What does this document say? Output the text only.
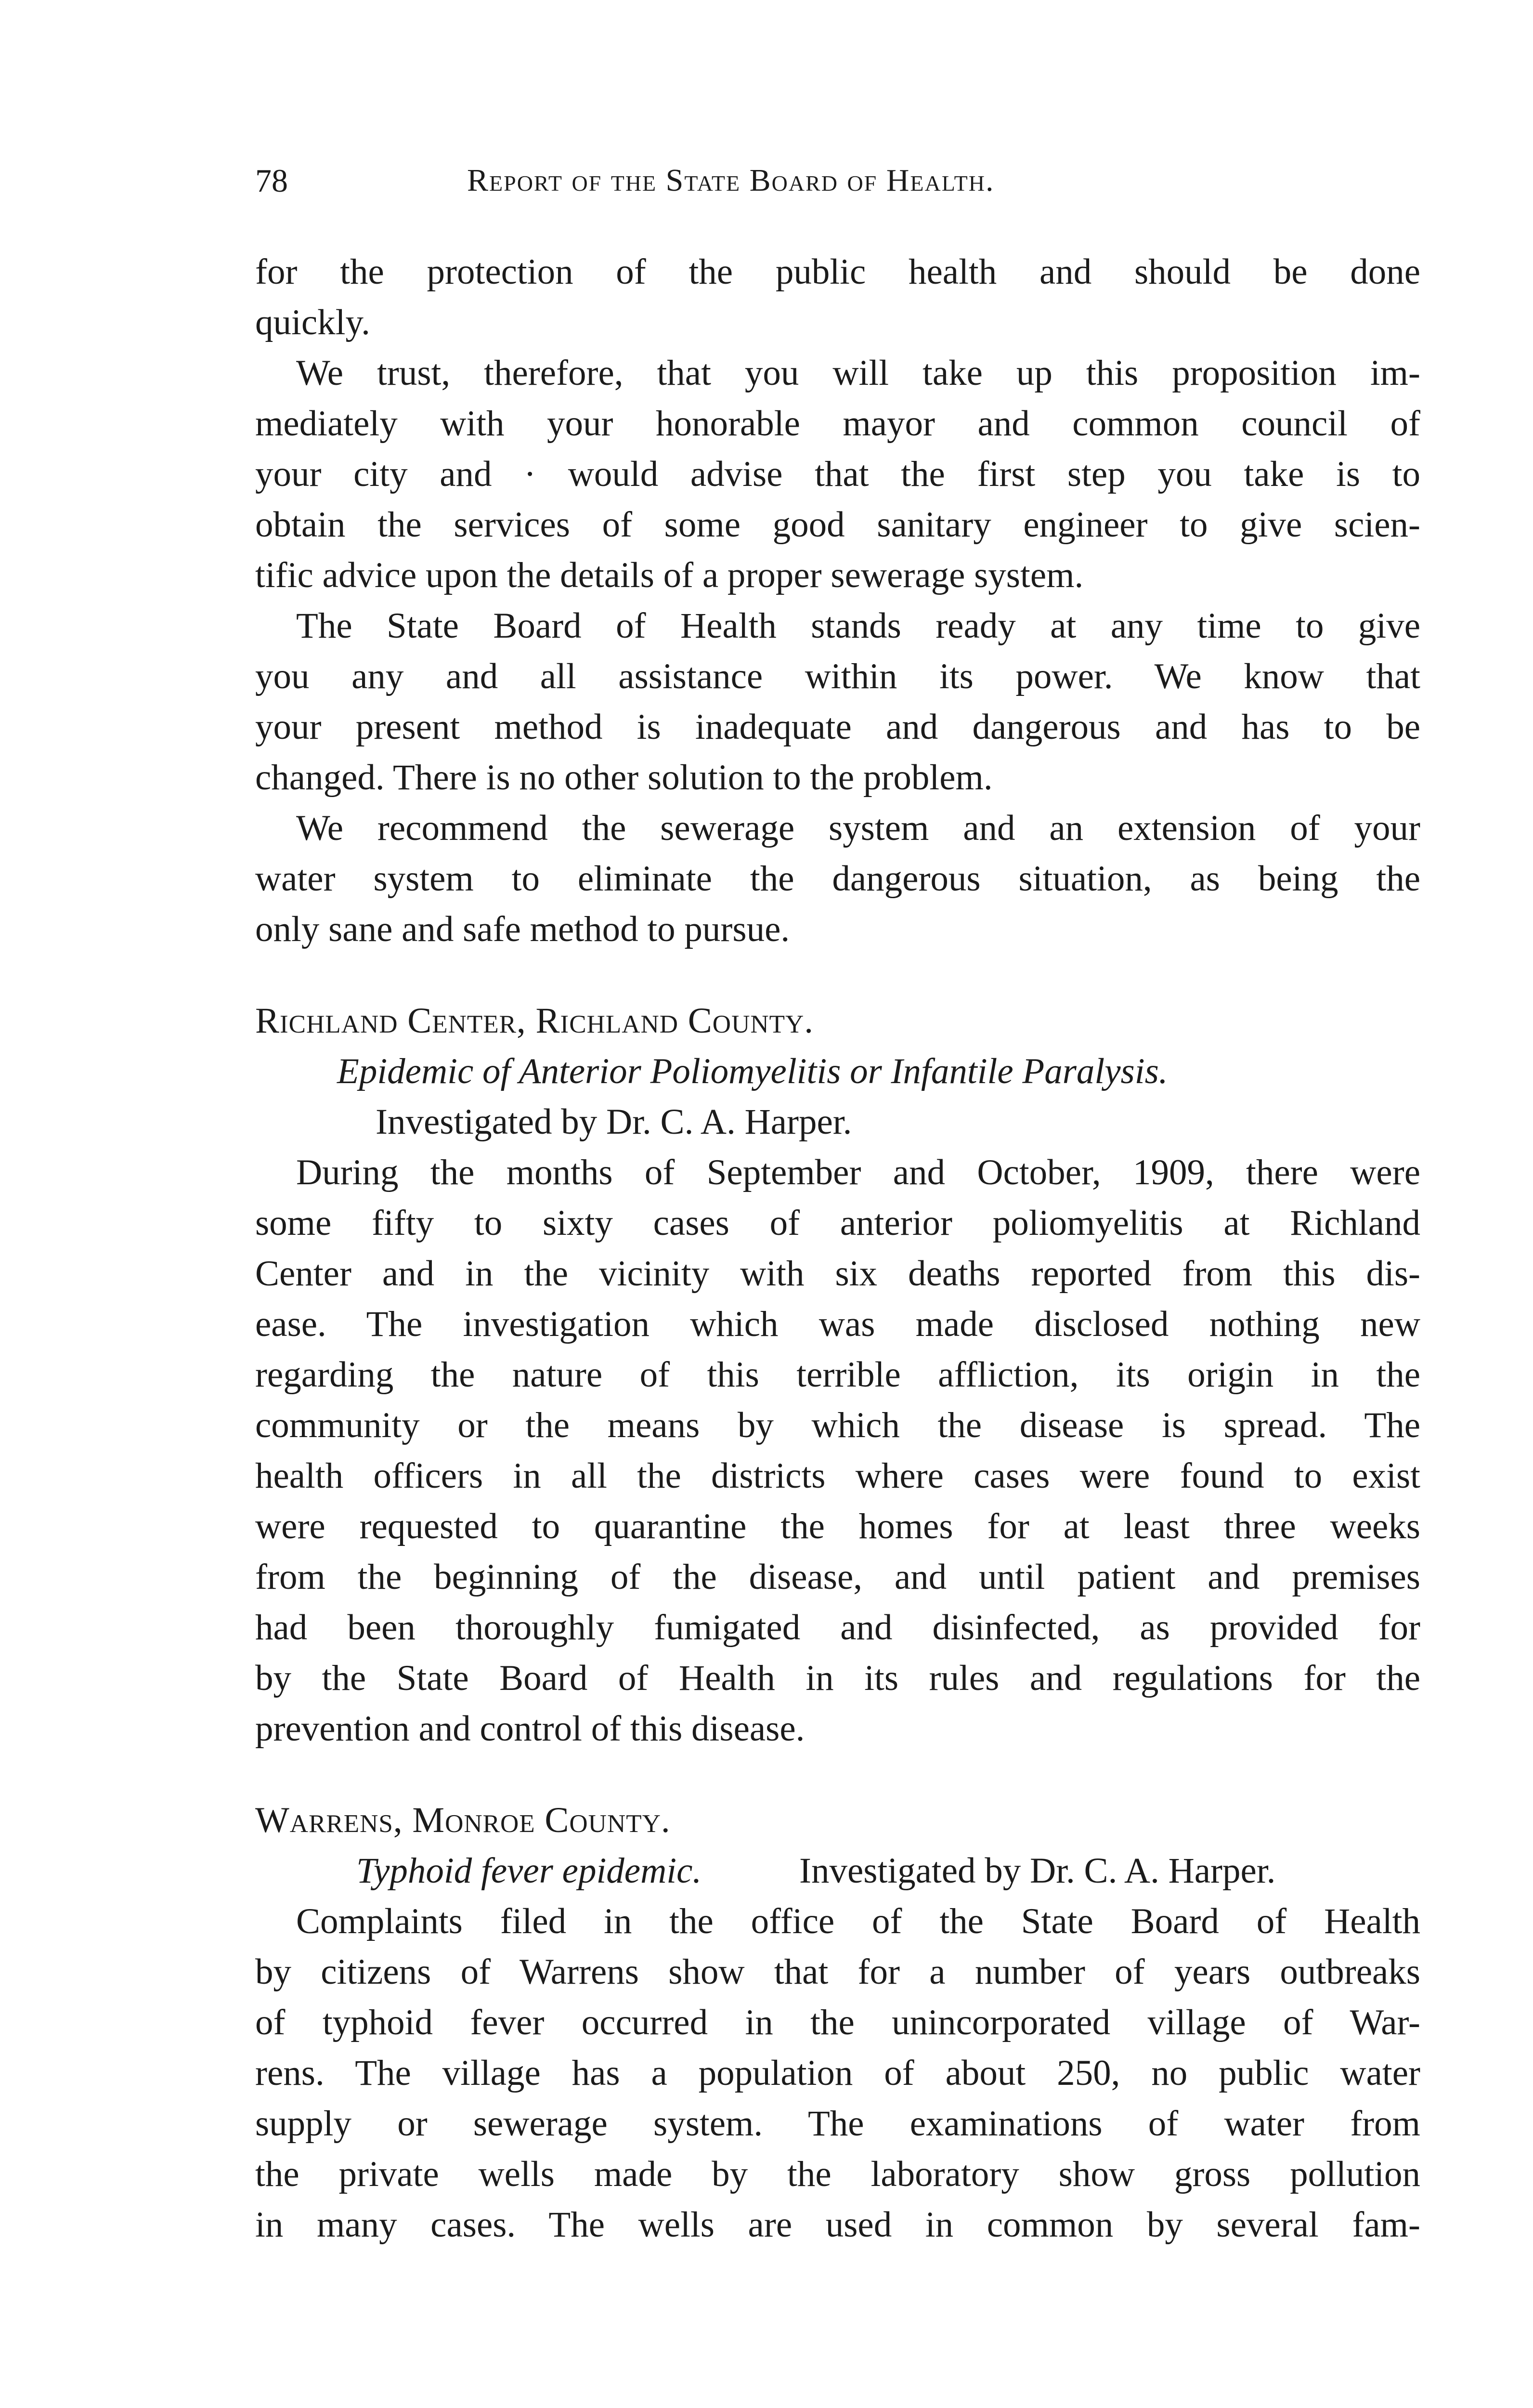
78	Report of the State Board of Health.
for the protection of the public health and should be done
quickly.
We trust, therefore, that you will take up this proposition im-
mediately with your honorable mayor and common council of
your city and · would advise that the first step you take is to
obtain the services of some good sanitary engineer to give scien-
tific advice upon the details of a proper sewerage system.
The State Board of Health stands ready at any time to give
you any and all assistance within its power. We know that
your present method is inadequate and dangerous and has to be
changed. There is no other solution to the problem.
We recommend the sewerage system and an extension of your
water system to eliminate the dangerous situation, as being the
only sane and safe method to pursue.
Richland Center, Richland County.
Epidemic of Anterior Poliomyelitis or Infantile Paralysis.
Investigated by Dr. C. A. Harper.
During the months of September and October, 1909, there were
some fifty to sixty cases of anterior poliomyelitis at Richland
Center and in the vicinity with six deaths reported from this dis-
ease. The investigation which was made disclosed nothing new
regarding the nature of this terrible affliction, its origin in the
community or the means by which the disease is spread. The
health officers in all the districts where cases were found to exist
were requested to quarantine the homes for at least three weeks
from the beginning of the disease, and until patient and premises
had been thoroughly fumigated and disinfected, as provided for
by the State Board of Health in its rules and regulations for the
prevention and control of this disease.
Warrens, Monroe County.
Typhoid fever epidemic.	Investigated by Dr. C. A. Harper.
Complaints filed in the office of the State Board of Health
by citizens of Warrens show that for a number of years outbreaks
of typhoid fever occurred in the unincorporated village of War-
rens. The village has a population of about 250, no public water
supply or sewerage system. The examinations of water from
the private wells made by the laboratory show gross pollution
in many cases. The wells are used in common by several fam-
